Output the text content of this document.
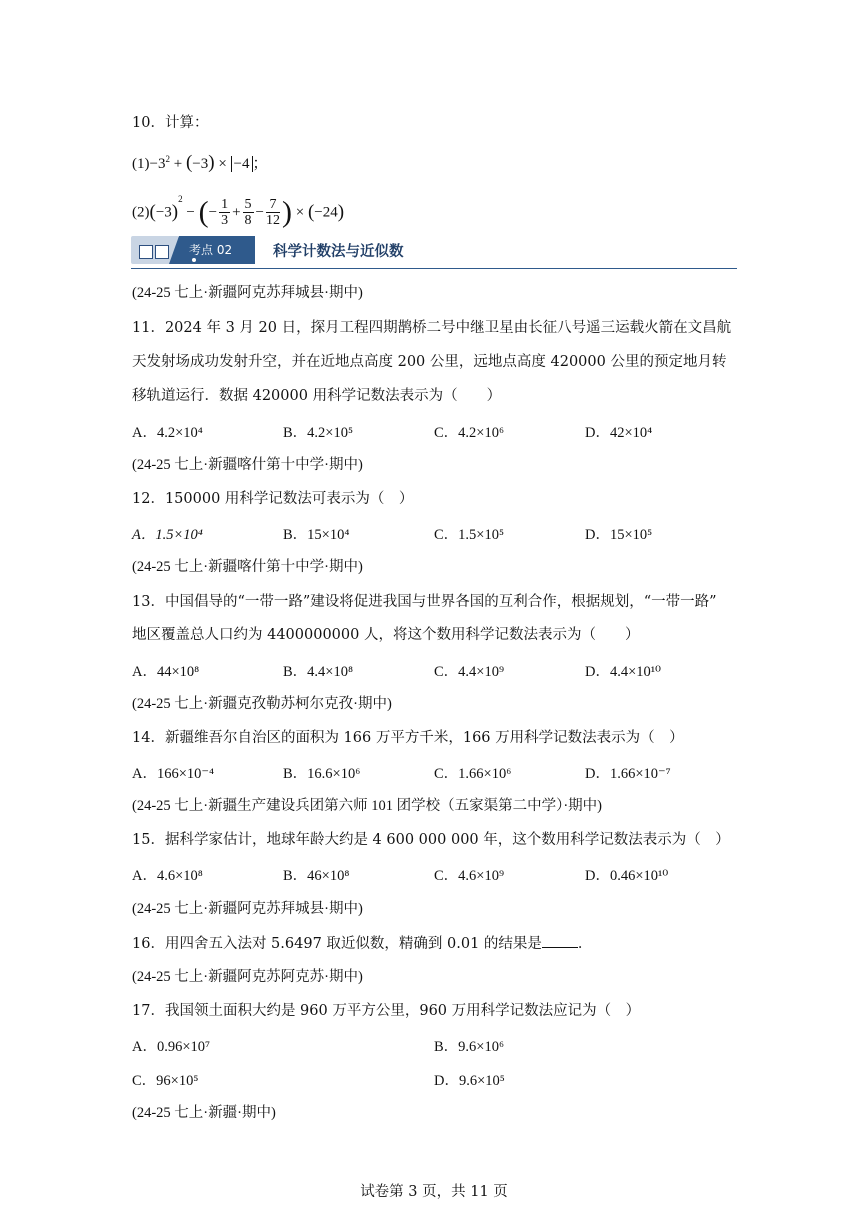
10．计算：
$(1)-3^2 + (-3) \times -4$ ；
$(2)(-3)^2$ − (− $\frac{1}{3} + \frac{5}{8} - \frac{7}{12}$ ) × (−24)
考点 02	科学计数法与近似数
(24-25 七上·新疆阿克苏拜城县·期中)
11．2024 年 3 月 20 日，探月工程四期鹊桥二号中继卫星由长征八号遥三运载火箭在文昌航
天发射场成功发射升空，并在近地点高度 200 公里，远地点高度 420000 公里的预定地月转
移轨道运行．数据 420000 用科学记数法表示为（　　）
A．4.2×10⁴	B．4.2×10⁵	C．4.2×10⁶	D．42×10⁴
(24-25 七上·新疆喀什第十中学·期中)
12．150000 用科学记数法可表示为（　）
A．1.5×10⁴	B．15×10⁴	C．1.5×10⁵	D．15×10⁵
(24-25 七上·新疆喀什第十中学·期中)
13．中国倡导的“一带一路”建设将促进我国与世界各国的互利合作，根据规划，“一带一路”
地区覆盖总人口约为 4400000000 人，将这个数用科学记数法表示为（　　）
A．44×10⁸	B．4.4×10⁸	C．4.4×10⁹	D．4.4×10¹⁰
(24-25 七上·新疆克孜勒苏柯尔克孜·期中)
14．新疆维吾尔自治区的面积为 166 万平方千米，166 万用科学记数法表示为（　）
A．166×10⁻⁴	B．16.6×10⁶	C．1.66×10⁶	D．1.66×10⁻⁷
(24-25 七上·新疆生产建设兵团第六师 101 团学校（五家渠第二中学）·期中)
15．据科学家估计，地球年龄大约是 4 600 000 000 年，这个数用科学记数法表示为（　）
A．4.6×10⁸	B．46×10⁸	C．4.6×10⁹	D．0.46×10¹⁰
(24-25 七上·新疆阿克苏拜城县·期中)
16．用四舍五入法对 5.6497 取近似数，精确到 0.01 的结果是 ．
(24-25 七上·新疆阿克苏阿克苏·期中)
17．我国领土面积大约是 960 万平方公里，960 万用科学记数法应记为（　）
A．0.96×10⁷	B．9.6×10⁶
C．96×10⁵	D．9.6×10⁵
(24-25 七上·新疆·期中)
试卷第 3 页，共 11 页
